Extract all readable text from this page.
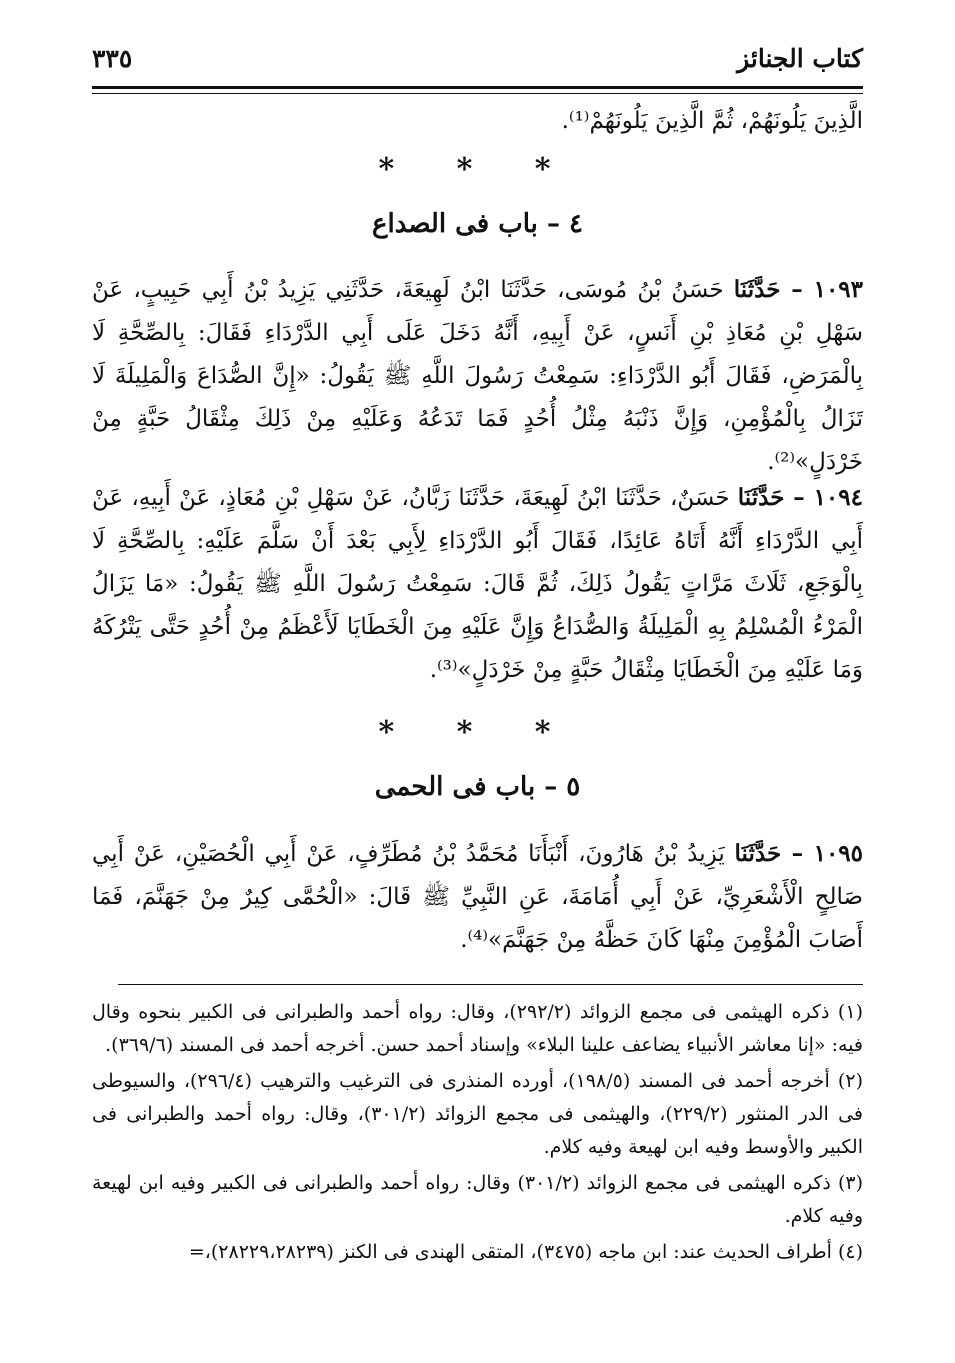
كتاب الجنائز
٣٣٥
الَّذِينَ يَلُونَهُمْ، ثُمَّ الَّذِينَ يَلُونَهُمْ⁽¹⁾.
* * *
٤ – باب فى الصداع
١٠٩٣ – حَدَّثَنَا حَسَنُ بْنُ مُوسَى، حَدَّثَنَا ابْنُ لَهِيعَةَ، حَدَّثَنِي يَزِيدُ بْنُ أَبِي حَبِيبٍ، عَنْ سَهْلِ بْنِ مُعَاذِ بْنِ أَنَسٍ، عَنْ أَبِيهِ، أَنَّهُ دَخَلَ عَلَى أَبِي الدَّرْدَاءِ فَقَالَ: بِالصِّحَّةِ لَا بِالْمَرَضِ، فَقَالَ أَبُو الدَّرْدَاءِ: سَمِعْتُ رَسُولَ اللَّهِ ﷺ يَقُولُ: «إِنَّ الصُّدَاعَ وَالْمَلِيلَةَ لَا تَزَالُ بِالْمُؤْمِنِ، وَإِنَّ ذَنْبَهُ مِثْلُ أُحُدٍ فَمَا تَدَعُهُ وَعَلَيْهِ مِنْ ذَلِكَ مِثْقَالُ حَبَّةٍ مِنْ خَرْدَلٍ»⁽²⁾.
١٠٩٤ – حَدَّثَنَا حَسَنٌ، حَدَّثَنَا ابْنُ لَهِيعَةَ، حَدَّثَنَا زَبَّانُ، عَنْ سَهْلِ بْنِ مُعَاذٍ، عَنْ أَبِيهِ، عَنْ أَبِي الدَّرْدَاءِ أَنَّهُ أَتَاهُ عَائِدًا، فَقَالَ أَبُو الدَّرْدَاءِ لِأَبِي بَعْدَ أَنْ سَلَّمَ عَلَيْهِ: بِالصِّحَّةِ لَا بِالْوَجَعِ، ثَلَاثَ مَرَّاتٍ يَقُولُ ذَلِكَ، ثُمَّ قَالَ: سَمِعْتُ رَسُولَ اللَّهِ ﷺ يَقُولُ: «مَا يَزَالُ الْمَرْءُ الْمُسْلِمُ بِهِ الْمَلِيلَةُ وَالصُّدَاعُ وَإِنَّ عَلَيْهِ مِنَ الْخَطَايَا لَأَعْظَمُ مِنْ أُحُدٍ حَتَّى يَتْرُكَهُ وَمَا عَلَيْهِ مِنَ الْخَطَايَا مِثْقَالُ حَبَّةٍ مِنْ خَرْدَلٍ»⁽³⁾.
* * *
٥ – باب فى الحمى
١٠٩٥ – حَدَّثَنَا يَزِيدُ بْنُ هَارُونَ، أَنْبَأَنَا مُحَمَّدُ بْنُ مُطَرِّفٍ، عَنْ أَبِي الْحُصَيْنِ، عَنْ أَبِي صَالِحٍ الْأَشْعَرِيِّ، عَنْ أَبِي أُمَامَةَ، عَنِ النَّبِيِّ ﷺ قَالَ: «الْحُمَّى كِيرٌ مِنْ جَهَنَّمَ، فَمَا أَصَابَ الْمُؤْمِنَ مِنْهَا كَانَ حَظَّهُ مِنْ جَهَنَّمَ»⁽⁴⁾.
(١) ذكره الهيثمى فى مجمع الزوائد (٢٩٢/٢)، وقال: رواه أحمد والطبرانى فى الكبير بنحوه وقال فيه: «إنا معاشر الأنبياء يضاعف علينا البلاء» وإسناد أحمد حسن. أخرجه أحمد فى المسند (٣٦٩/٦).
(٢) أخرجه أحمد فى المسند (١٩٨/٥)، أورده المنذرى فى الترغيب والترهيب (٢٩٦/٤)، والسيوطى فى الدر المنثور (٢٢٩/٢)، والهيثمى فى مجمع الزوائد (٣٠١/٢)، وقال: رواه أحمد والطبرانى فى الكبير والأوسط وفيه ابن لهيعة وفيه كلام.
(٣) ذكره الهيثمى فى مجمع الزوائد (٣٠١/٢) وقال: رواه أحمد والطبرانى فى الكبير وفيه ابن لهيعة وفيه كلام.
(٤) أطراف الحديث عند: ابن ماجه (٣٤٧٥)، المتقى الهندى فى الكنز (٢٨٢٢٩،٢٨٢٣٩)،=
